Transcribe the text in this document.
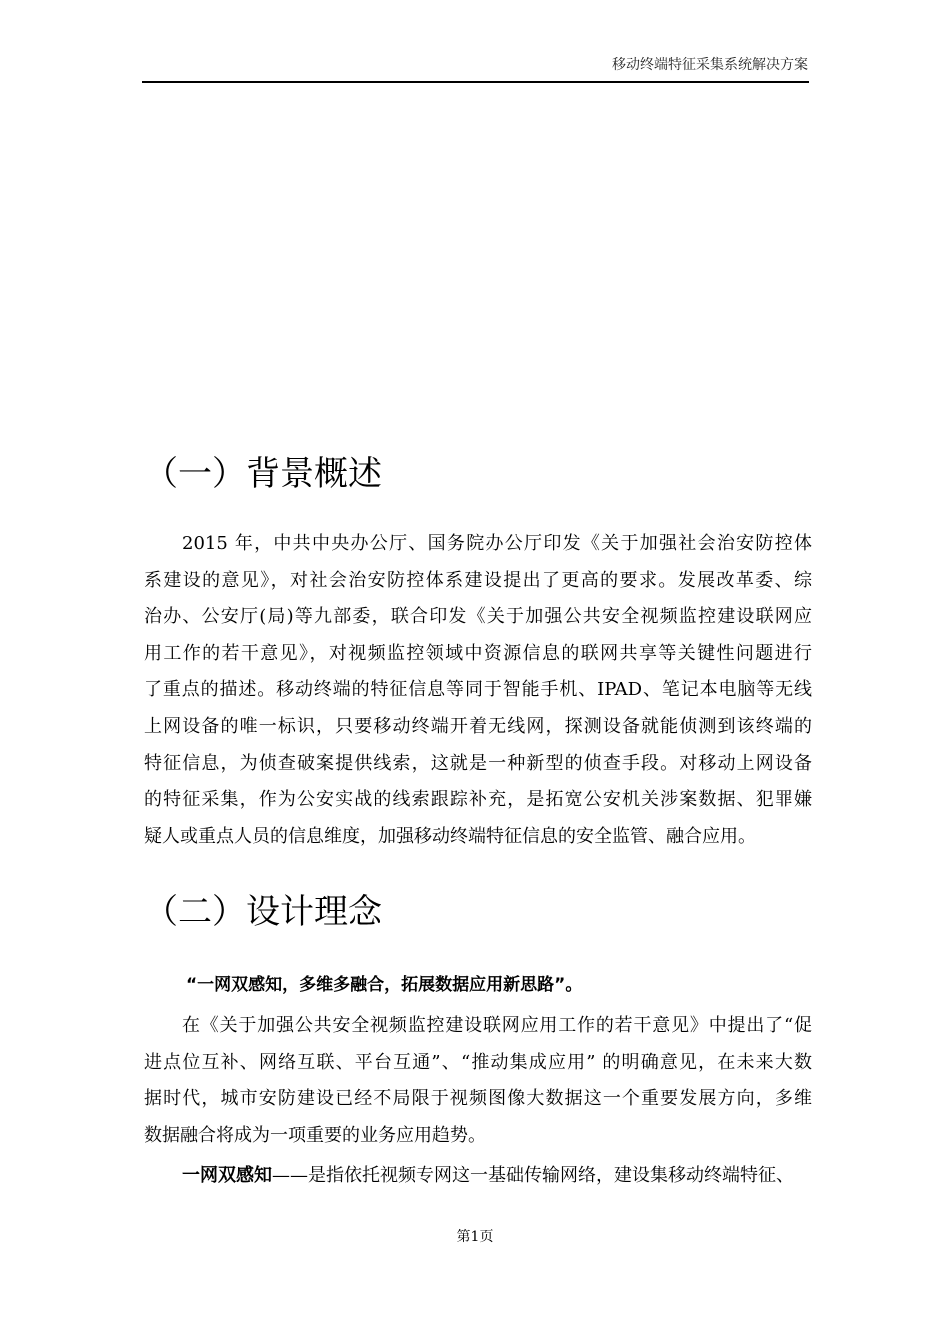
移动终端特征采集系统解决方案
（一）背景概述
2015 年，中共中央办公厅、国务院办公厅印发《关于加强社会治安防控体
系建设的意见》，对社会治安防控体系建设提出了更高的要求。发展改革委、综
治办、公安厅(局)等九部委，联合印发《关于加强公共安全视频监控建设联网应
用工作的若干意见》，对视频监控领域中资源信息的联网共享等关键性问题进行
了重点的描述。移动终端的特征信息等同于智能手机、IPAD、笔记本电脑等无线
上网设备的唯一标识，只要移动终端开着无线网，探测设备就能侦测到该终端的
特征信息，为侦查破案提供线索，这就是一种新型的侦查手段。对移动上网设备
的特征采集，作为公安实战的线索跟踪补充，是拓宽公安机关涉案数据、犯罪嫌
疑人或重点人员的信息维度，加强移动终端特征信息的安全监管、融合应用。
（二）设计理念

“一网双感知，多维多融合，拓展数据应用新思路”。

在《关于加强公共安全视频监控建设联网应用工作的若干意见》中提出了“促
进点位互补、网络互联、平台互通”、“推动集成应用” 的明确意见，在未来大数
据时代，城市安防建设已经不局限于视频图像大数据这一个重要发展方向，多维
数据融合将成为一项重要的业务应用趋势。
一网双感知——是指依托视频专网这一基础传输网络，建设集移动终端特征、
第1页
